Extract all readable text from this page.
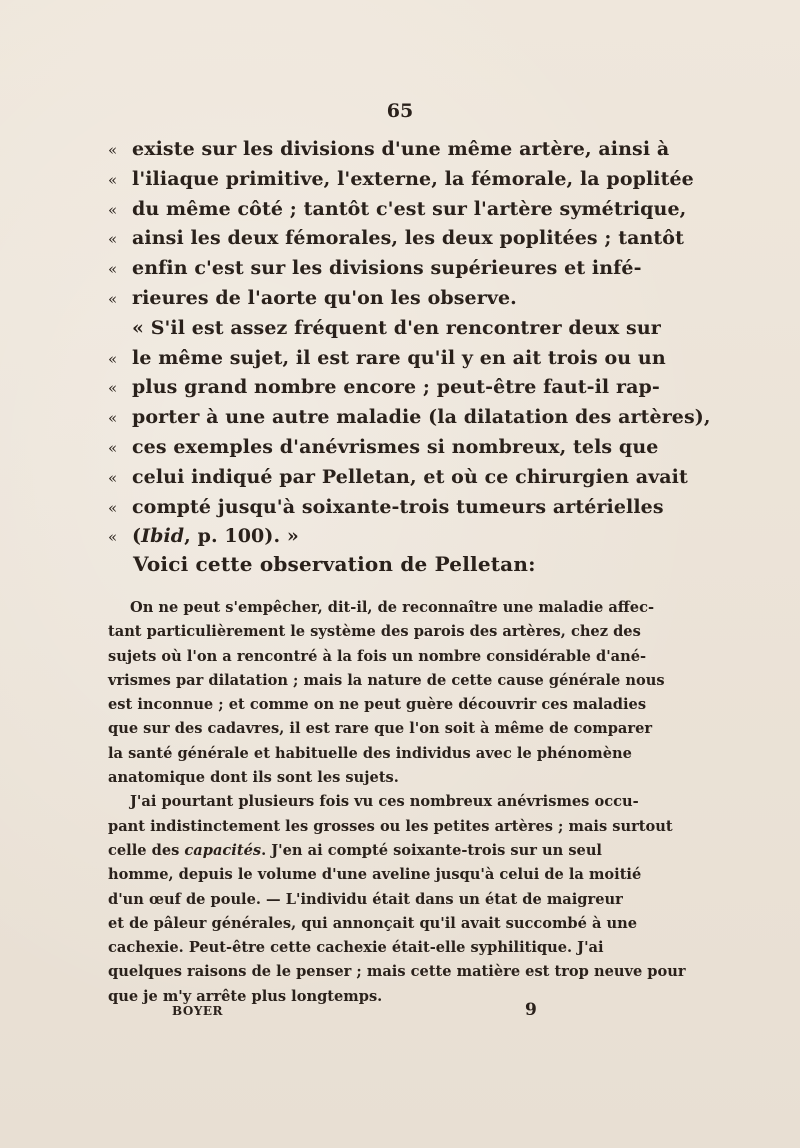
65
« existe sur les divisions d'une même artère, ainsi à
« l'iliaque primitive, l'externe, la fémorale, la poplitée
« du même côté ; tantôt c'est sur l'artère symétrique,
« ainsi les deux fémorales, les deux poplitées ; tantôt
« enfin c'est sur les divisions supérieures et infé-
« rieures de l'aorte qu'on les observe.
« S'il est assez fréquent d'en rencontrer deux sur
« le même sujet, il est rare qu'il y en ait trois ou un
« plus grand nombre encore ; peut-être faut-il rap-
« porter à une autre maladie (la dilatation des artères),
« ces exemples d'anévrismes si nombreux, tels que
« celui indiqué par Pelletan, et où ce chirurgien avait
« compté jusqu'à soixante-trois tumeurs artérielles
« (Ibid, p. 100). »
Voici cette observation de Pelletan:
On ne peut s'empêcher, dit-il, de reconnaître une maladie affec-
tant particulièrement le système des parois des artères, chez des
sujets où l'on a rencontré à la fois un nombre considérable d'ané-
vrismes par dilatation ; mais la nature de cette cause générale nous
est inconnue ; et comme on ne peut guère découvrir ces maladies
que sur des cadavres, il est rare que l'on soit à même de comparer
la santé générale et habituelle des individus avec le phénomène
anatomique dont ils sont les sujets.
J'ai pourtant plusieurs fois vu ces nombreux anévrismes occu-
pant indistinctement les grosses ou les petites artères ; mais surtout
celle des capacités. J'en ai compté soixante-trois sur un seul
homme, depuis le volume d'une aveline jusqu'à celui de la moitié
d'un œuf de poule. — L'individu était dans un état de maigreur
et de pâleur générales, qui annonçait qu'il avait succombé à une
cachexie. Peut-être cette cachexie était-elle syphilitique. J'ai
quelques raisons de le penser ; mais cette matière est trop neuve pour
que je m'y arrête plus longtemps.
BOYER	9
